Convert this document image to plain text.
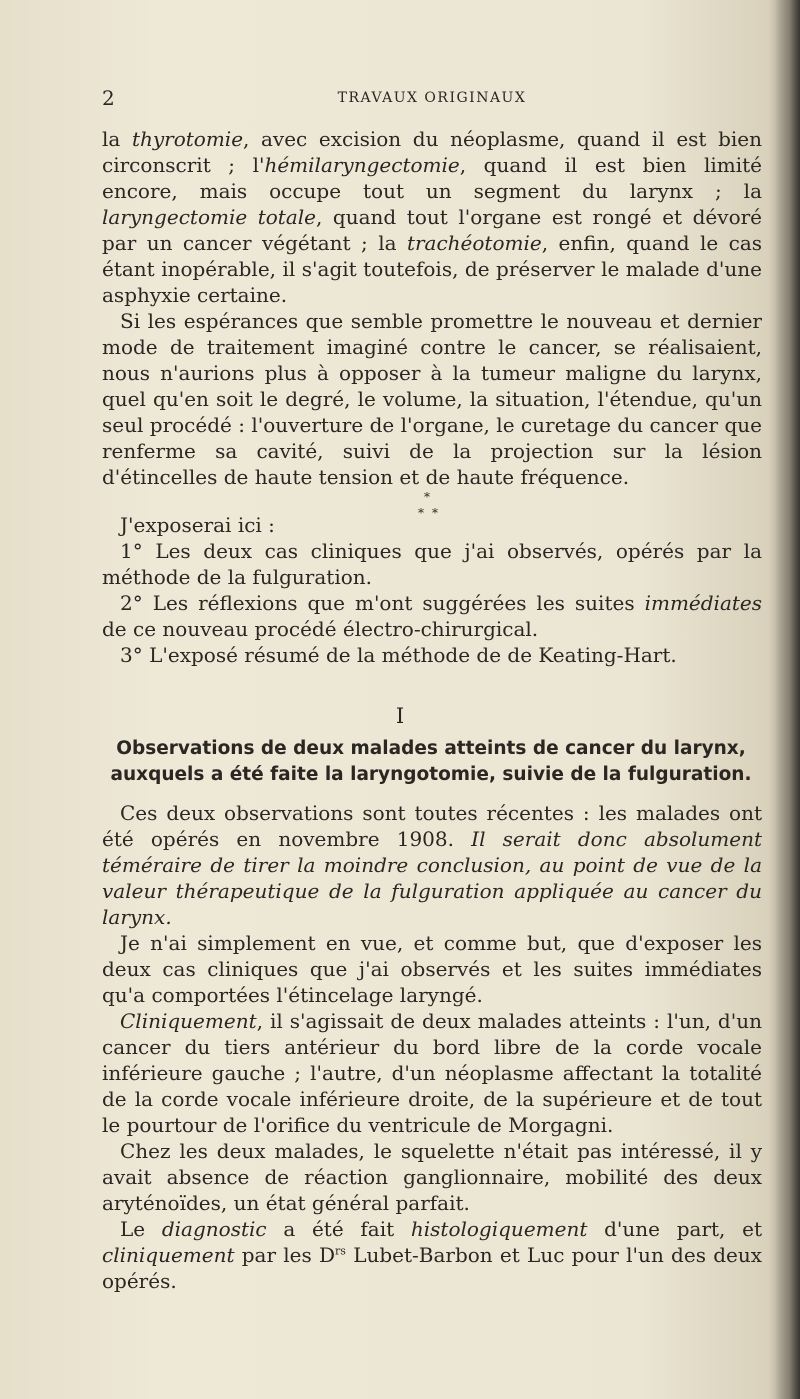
2	TRAVAUX ORIGINAUX

la thyrotomie, avec excision du néoplasme, quand il est bien circonscrit ; l'hémilaryngectomie, quand il est bien limité encore, mais occupe tout un segment du larynx ; la laryngectomie totale, quand tout l'organe est rongé et dévoré par un cancer végétant ; la trachéotomie, enfin, quand le cas étant inopérable, il s'agit toutefois, de préserver le malade d'une asphyxie certaine.

Si les espérances que semble promettre le nouveau et dernier mode de traitement imaginé contre le cancer, se réalisaient, nous n'aurions plus à opposer à la tumeur maligne du larynx, quel qu'en soit le degré, le volume, la situation, l'étendue, qu'un seul procédé : l'ouverture de l'organe, le curetage du cancer que renferme sa cavité, suivi de la projection sur la lésion d'étincelles de haute tension et de haute fréquence.

*
* *

J'exposerai ici :

1° Les deux cas cliniques que j'ai observés, opérés par la méthode de la fulguration.

2° Les réflexions que m'ont suggérées les suites immédiates de ce nouveau procédé électro-chirurgical.

3° L'exposé résumé de la méthode de de Keating-Hart.

I
Observations de deux malades atteints de cancer du larynx, auxquels a été faite la laryngotomie, suivie de la fulguration.

Ces deux observations sont toutes récentes : les malades ont été opérés en novembre 1908. Il serait donc absolument téméraire de tirer la moindre conclusion, au point de vue de la valeur thérapeutique de la fulguration appliquée au cancer du larynx.

Je n'ai simplement en vue, et comme but, que d'exposer les deux cas cliniques que j'ai observés et les suites immédiates qu'a comportées l'étincelage laryngé.

Cliniquement, il s'agissait de deux malades atteints : l'un, d'un cancer du tiers antérieur du bord libre de la corde vocale inférieure gauche ; l'autre, d'un néoplasme affectant la totalité de la corde vocale inférieure droite, de la supérieure et de tout le pourtour de l'orifice du ventricule de Morgagni.

Chez les deux malades, le squelette n'était pas intéressé, il y avait absence de réaction ganglionnaire, mobilité des deux aryténoïdes, un état général parfait.

Le diagnostic a été fait histologiquement d'une part, et cliniquement par les $D^{rs}$ Lubet-Barbon et Luc pour l'un des deux opérés.
